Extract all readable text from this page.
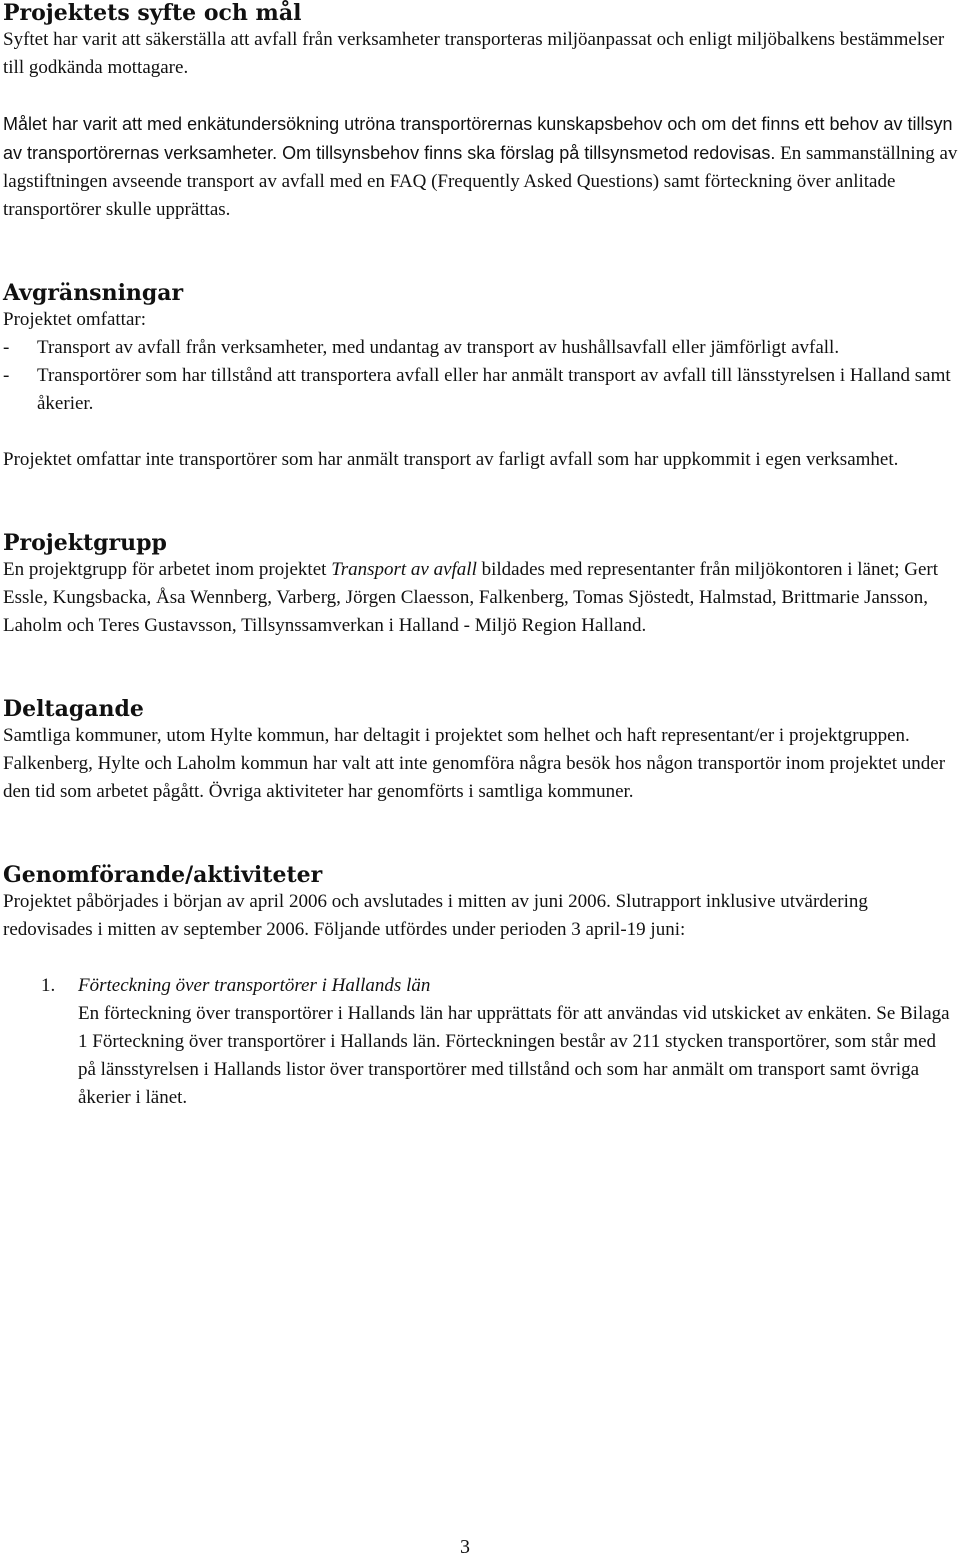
Projektets syfte och mål

Syftet har varit att säkerställa att avfall från verksamheter transporteras miljöanpassat och enligt miljöbalkens bestämmelser till godkända mottagare.

Målet har varit att med enkätundersökning utröna transportörernas kunskapsbehov och om det finns ett behov av tillsyn av transportörernas verksamheter. Om tillsynsbehov finns ska förslag på tillsynsmetod redovisas. En sammanställning av lagstiftningen avseende transport av avfall med en FAQ (Frequently Asked Questions) samt förteckning över anlitade transportörer skulle upprättas.

Avgränsningar

Projektet omfattar:

-	Transport av avfall från verksamheter, med undantag av transport av hushållsavfall eller jämförligt avfall.
-	Transportörer som har tillstånd att transportera avfall eller har anmält transport av avfall till länsstyrelsen i Halland samt åkerier.

Projektet omfattar inte transportörer som har anmält transport av farligt avfall som har uppkommit i egen verksamhet.

Projektgrupp

En projektgrupp för arbetet inom projektet Transport av avfall bildades med representanter från miljökontoren i länet; Gert Essle, Kungsbacka, Åsa Wennberg, Varberg, Jörgen Claesson, Falkenberg, Tomas Sjöstedt, Halmstad, Brittmarie Jansson, Laholm och Teres Gustavsson, Tillsynssamverkan i Halland - Miljö Region Halland.

Deltagande

Samtliga kommuner, utom Hylte kommun, har deltagit i projektet som helhet och haft representant/er i projektgruppen. Falkenberg, Hylte och Laholm kommun har valt att inte genomföra några besök hos någon transportör inom projektet under den tid som arbetet pågått. Övriga aktiviteter har genomförts i samtliga kommuner.

Genomförande/aktiviteter

Projektet påbörjades i början av april 2006 och avslutades i mitten av juni 2006. Slutrapport inklusive utvärdering redovisades i mitten av september 2006. Följande utfördes under perioden 3 april-19 juni:

1.	Förteckning över transportörer i Hallands län
En förteckning över transportörer i Hallands län har upprättats för att användas vid utskicket av enkäten. Se Bilaga 1 Förteckning över transportörer i Hallands län. Förteckningen består av 211 stycken transportörer, som står med på länsstyrelsen i Hallands listor över transportörer med tillstånd och som har anmält om transport samt övriga åkerier i länet.
3
